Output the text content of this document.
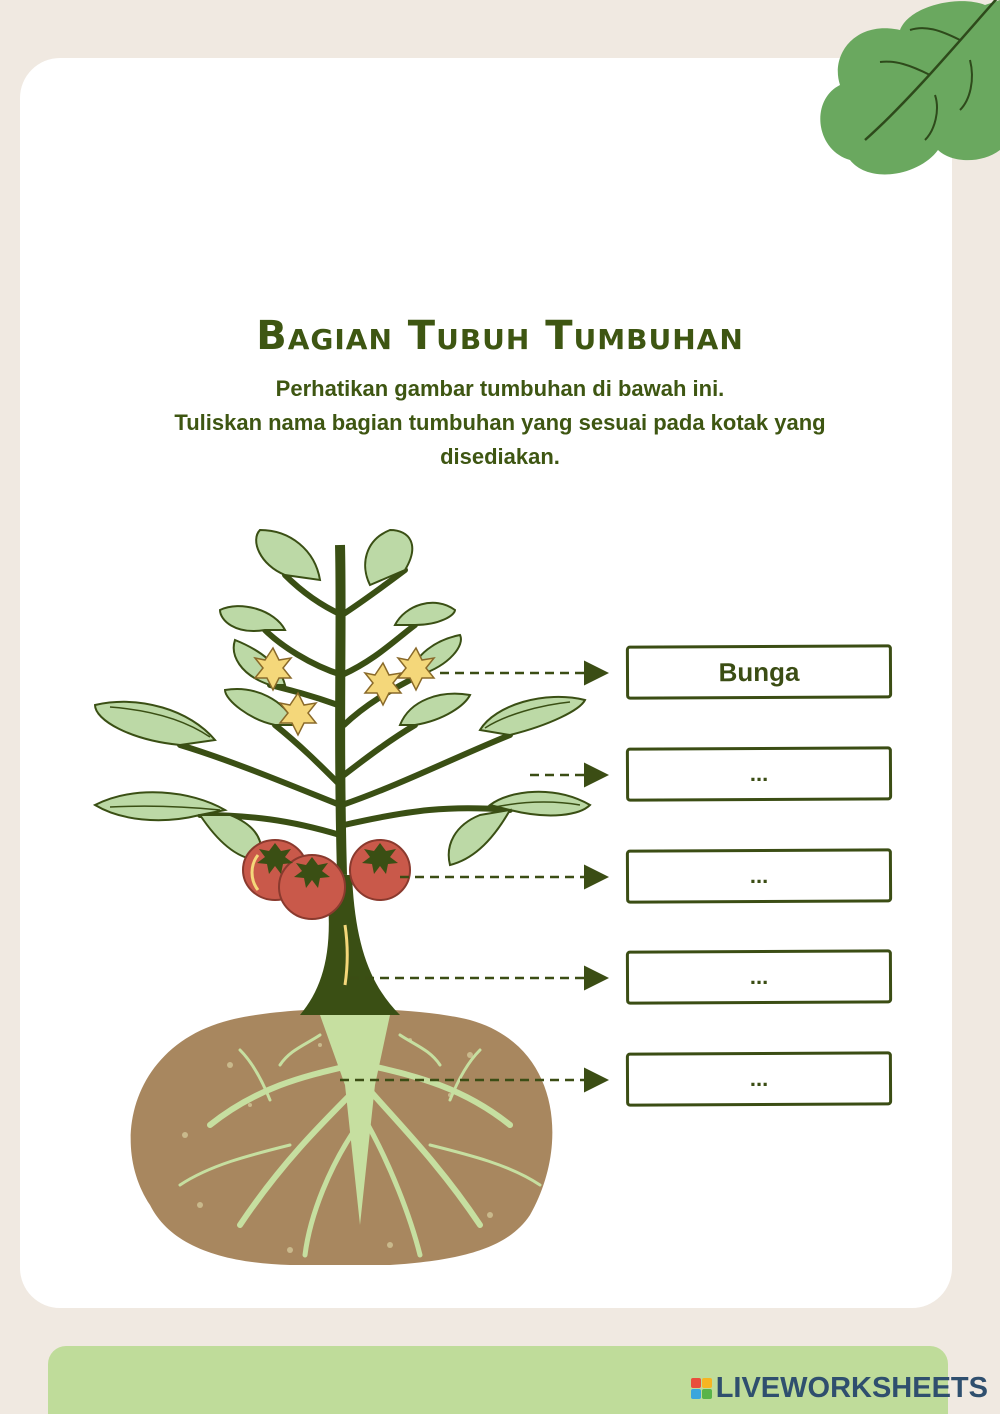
Bagian Tubuh Tumbuhan
Perhatikan gambar tumbuhan di bawah ini.
Tuliskan nama bagian tumbuhan yang sesuai pada kotak yang
disediakan.
Bunga
...
...
...
...
LIVEWORKSHEETS
